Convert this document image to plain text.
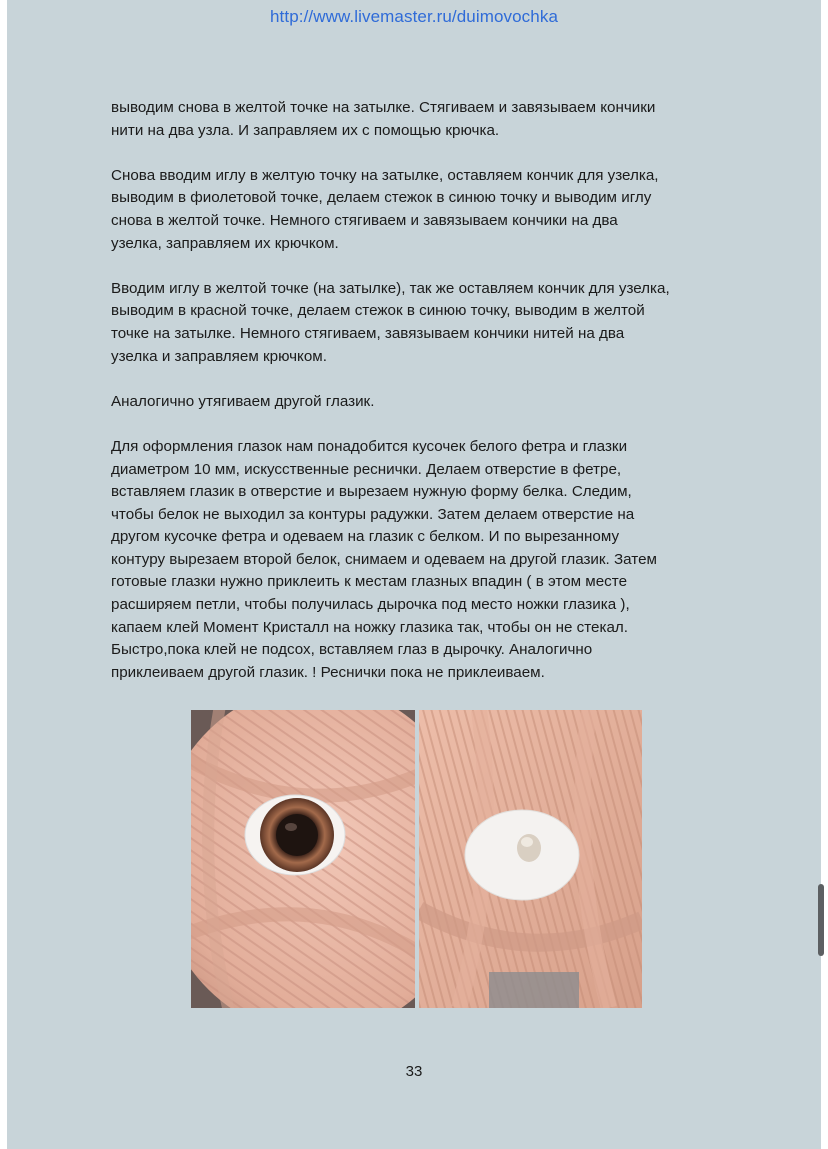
http://www.livemaster.ru/duimovochka

выводим снова в желтой точке на затылке. Стягиваем и завязываем кончики
нити на два узла. И заправляем их с помощью крючка.

Снова вводим иглу в желтую точку на затылке, оставляем кончик для узелка,
выводим в фиолетовой точке, делаем стежок в синюю точку и выводим иглу
снова в желтой точке. Немного стягиваем и завязываем кончики на два
узелка, заправляем их крючком.

Вводим иглу в желтой точке (на затылке), так же оставляем кончик для узелка,
выводим в красной точке, делаем стежок в синюю точку, выводим в желтой
точке на затылке. Немного стягиваем, завязываем кончики нитей на два
узелка и заправляем крючком.

Аналогично утягиваем другой глазик.

Для оформления глазок нам понадобится кусочек белого фетра и глазки
диаметром 10 мм, искусственные реснички. Делаем отверстие в фетре,
вставляем глазик в отверстие и вырезаем нужную форму белка. Следим,
чтобы белок не выходил за контуры радужки. Затем делаем отверстие на
другом кусочке фетра и одеваем на глазик с белком. И по вырезанному
контуру вырезаем второй белок, снимаем и одеваем на другой глазик. Затем
готовые глазки нужно приклеить к местам глазных впадин ( в этом месте
расширяем петли, чтобы получилась дырочка под место ножки глазика ),
капаем клей Момент Кристалл на ножку глазика так, чтобы он не стекал.
Быстро,пока клей не подсох, вставляем глаз в дырочку. Аналогично
приклеиваем другой глазик. ! Реснички пока не приклеиваем.

33
